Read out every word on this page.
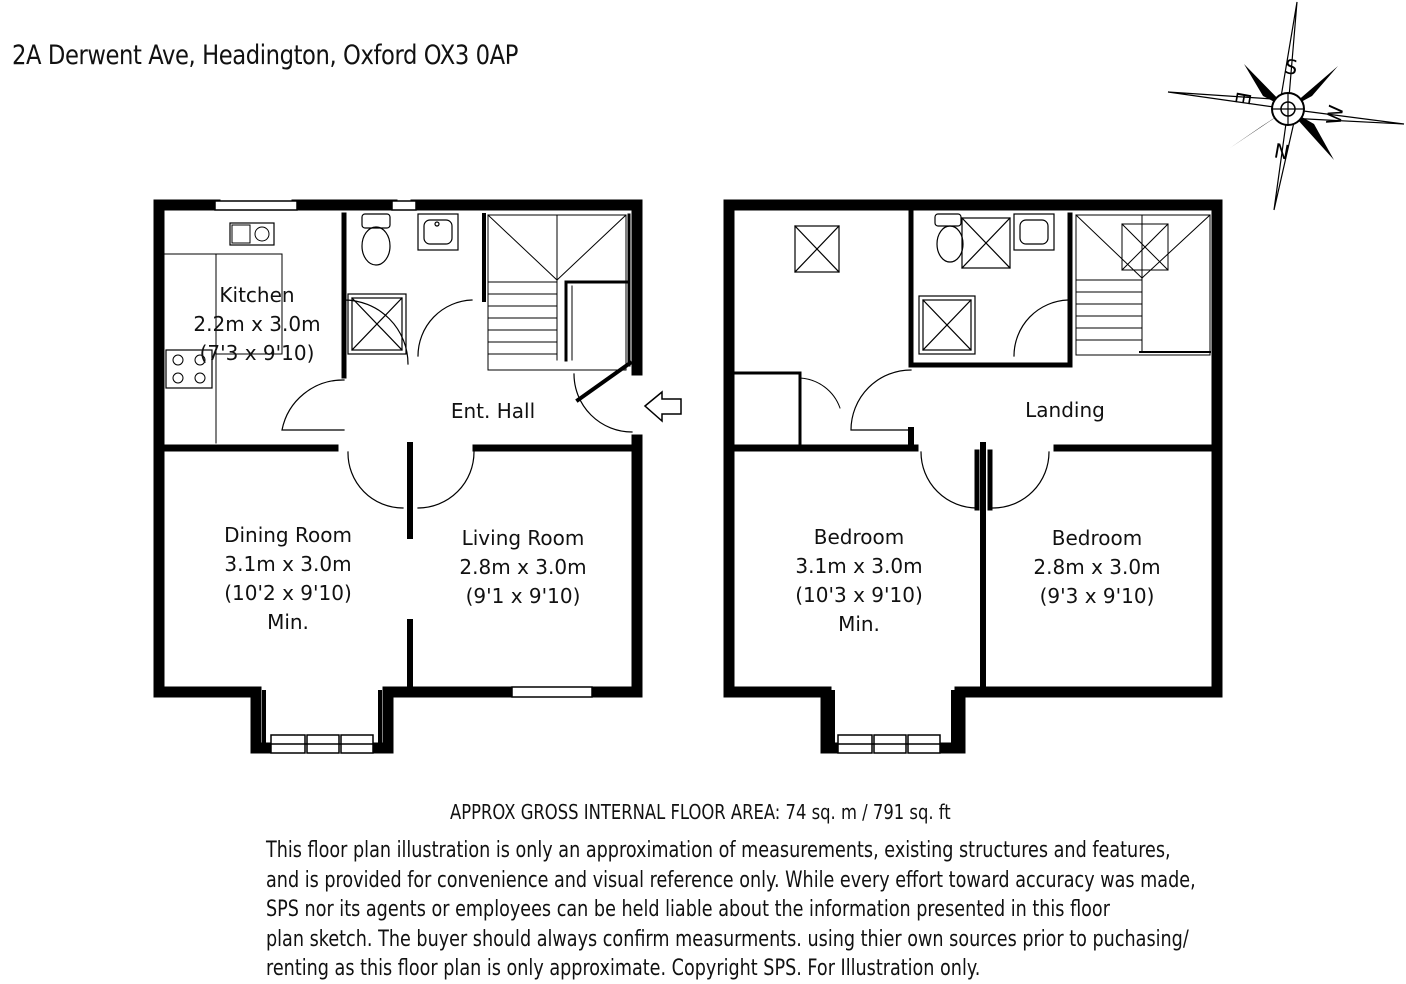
2A Derwent Ave, Headington, Oxford OX3 0AP	S
W
N
E
Kitchen
2.2m x 3.0m
(7'3 x 9'10)
Ent. Hall
Dining Room
3.1m x 3.0m
(10'2 x 9'10)
Min.
Living Room
2.8m x 3.0m
(9'1 x 9'10)
Landing
Bedroom
3.1m x 3.0m
(10'3 x 9'10)
Min.
Bedroom
2.8m x 3.0m
(9'3 x 9'10)
APPROX GROSS INTERNAL FLOOR AREA: 74 sq. m / 791 sq. ft
This floor plan illustration is only an approximation of measurements, existing structures and features,
and is provided for convenience and visual reference only. While every effort toward accuracy was made,
SPS nor its agents or employees can be held liable about the information presented in this floor
plan sketch. The buyer should always confirm measurments. using thier own sources prior to puchasing/
renting as this floor plan is only approximate. Copyright SPS. For Illustration only.
